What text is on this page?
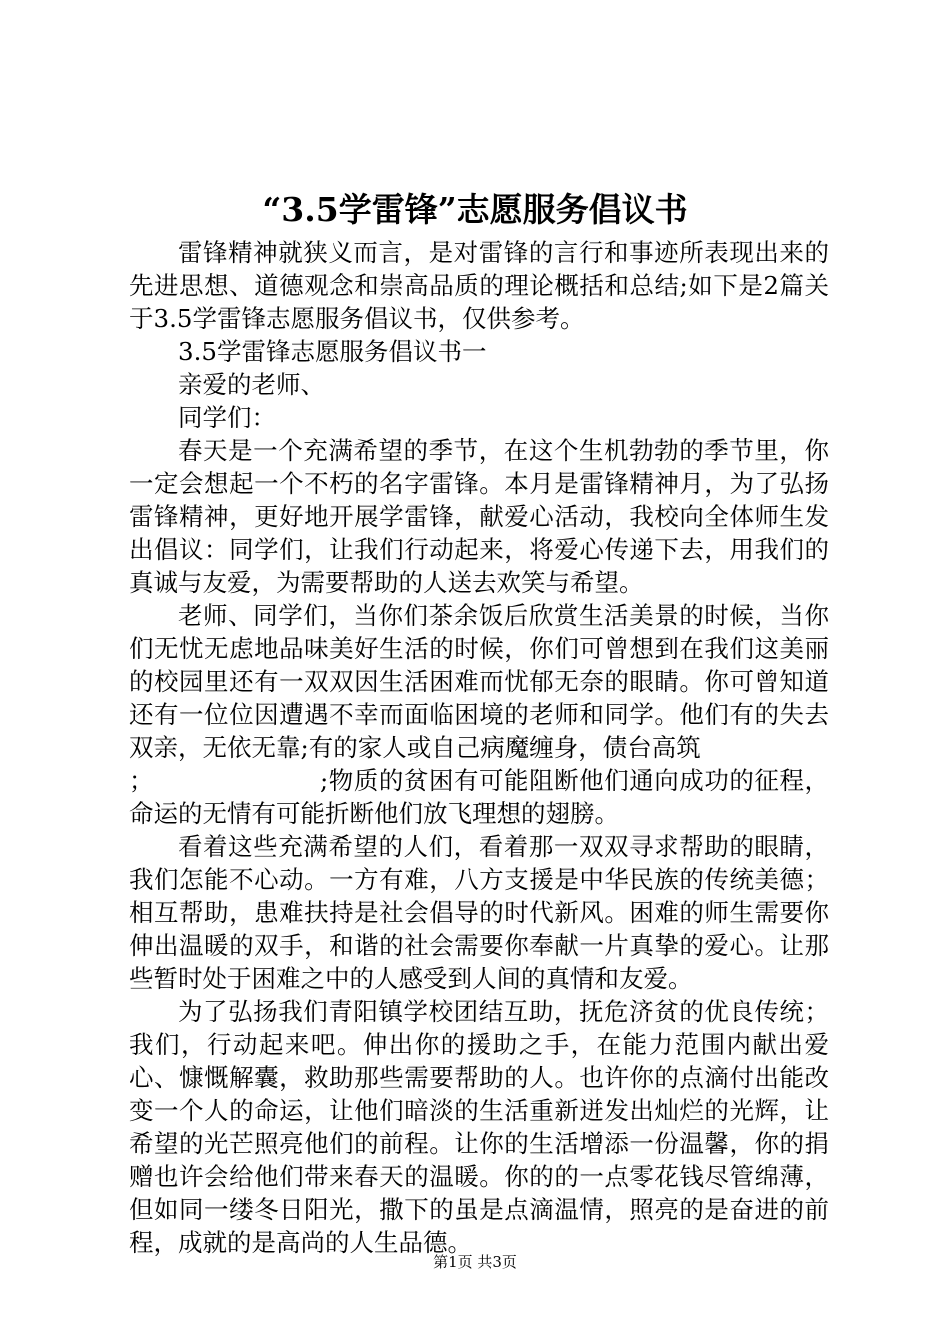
“3.5学雷锋”志愿服务倡议书

雷锋精神就狭义而言，是对雷锋的言行和事迹所表现出来的先进思想、道德观念和崇高品质的理论概括和总结;如下是2篇关于3.5学雷锋志愿服务倡议书，仅供参考。

3.5学雷锋志愿服务倡议书一

亲爱的老师、

同学们：

春天是一个充满希望的季节，在这个生机勃勃的季节里，你一定会想起一个不朽的名字雷锋。本月是雷锋精神月，为了弘扬雷锋精神，更好地开展学雷锋，献爱心活动，我校向全体师生发出倡议：同学们，让我们行动起来，将爱心传递下去，用我们的真诚与友爱，为需要帮助的人送去欢笑与希望。

老师、同学们，当你们茶余饭后欣赏生活美景的时候，当你们无忧无虑地品味美好生活的时候，你们可曾想到在我们这美丽的校园里还有一双双因生活困难而忧郁无奈的眼睛。你可曾知道还有一位位因遭遇不幸而面临困境的老师和同学。他们有的失去双亲，无依无靠;有的家人或自己病魔缠身，债台高筑

；                    ;物质的贫困有可能阻断他们通向成功的征程，命运的无情有可能折断他们放飞理想的翅膀。

看着这些充满希望的人们，看着那一双双寻求帮助的眼睛，我们怎能不心动。一方有难，八方支援是中华民族的传统美德；相互帮助，患难扶持是社会倡导的时代新风。困难的师生需要你伸出温暖的双手，和谐的社会需要你奉献一片真挚的爱心。让那些暂时处于困难之中的人感受到人间的真情和友爱。

为了弘扬我们青阳镇学校团结互助，抚危济贫的优良传统；我们，行动起来吧。伸出你的援助之手，在能力范围内献出爱心、慷慨解囊，救助那些需要帮助的人。也许你的点滴付出能改变一个人的命运，让他们暗淡的生活重新迸发出灿烂的光辉，让希望的光芒照亮他们的前程。让你的生活增添一份温馨，你的捐赠也许会给他们带来春天的温暖。你的的一点零花钱尽管绵薄，但如同一缕冬日阳光，撒下的虽是点滴温情，照亮的是奋进的前程，成就的是高尚的人生品德。

第1页 共3页
